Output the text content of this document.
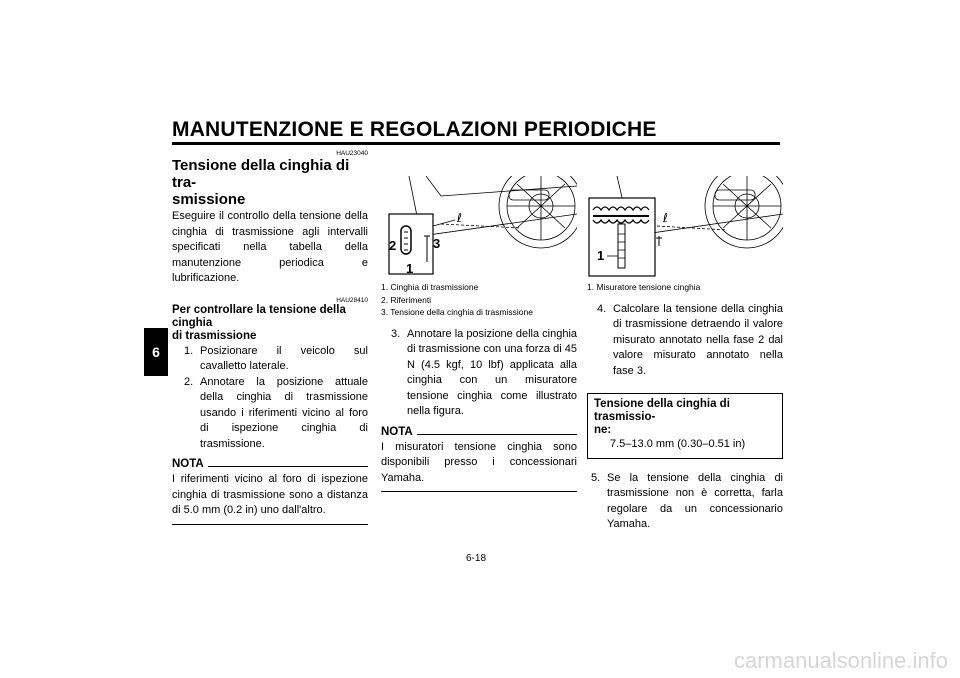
MANUTENZIONE E REGOLAZIONI PERIODICHE
6
HAU23040
Tensione della cinghia di tra-
smissione
Eseguire il controllo della tensione della cinghia di trasmissione agli intervalli specificati nella tabella della manutenzione periodica e lubrificazione.
HAU28410
Per controllare la tensione della cinghia
di trasmissione
1. Posizionare il veicolo sul cavalletto laterale.
2. Annotare la posizione attuale della cinghia di trasmissione usando i riferimenti vicino al foro di ispezione cinghia di trasmissione.
NOTA
I riferimenti vicino al foro di ispezione cinghia di trasmissione sono a distanza di 5.0 mm (0.2 in) uno dall'altro.
ℓ
2	3
1
1. Cinghia di trasmissione
2. Riferimenti
3. Tensione della cinghia di trasmissione
3. Annotare la posizione della cinghia di trasmissione con una forza di 45 N (4.5 kgf, 10 lbf) applicata alla cinghia con un misuratore tensione cinghia come illustrato nella figura.
NOTA
I misuratori tensione cinghia sono disponibili presso i concessionari Yamaha.
ℓ
1
1. Misuratore tensione cinghia
4. Calcolare la tensione della cinghia di trasmissione detraendo il valore misurato annotato nella fase 2 dal valore misurato annotato nella fase 3.
Tensione della cinghia di trasmissio-
ne:
7.5–13.0 mm (0.30–0.51 in)
5. Se la tensione della cinghia di trasmissione non è corretta, farla regolare da un concessionario Yamaha.
6-18
carmanualsonline.info
